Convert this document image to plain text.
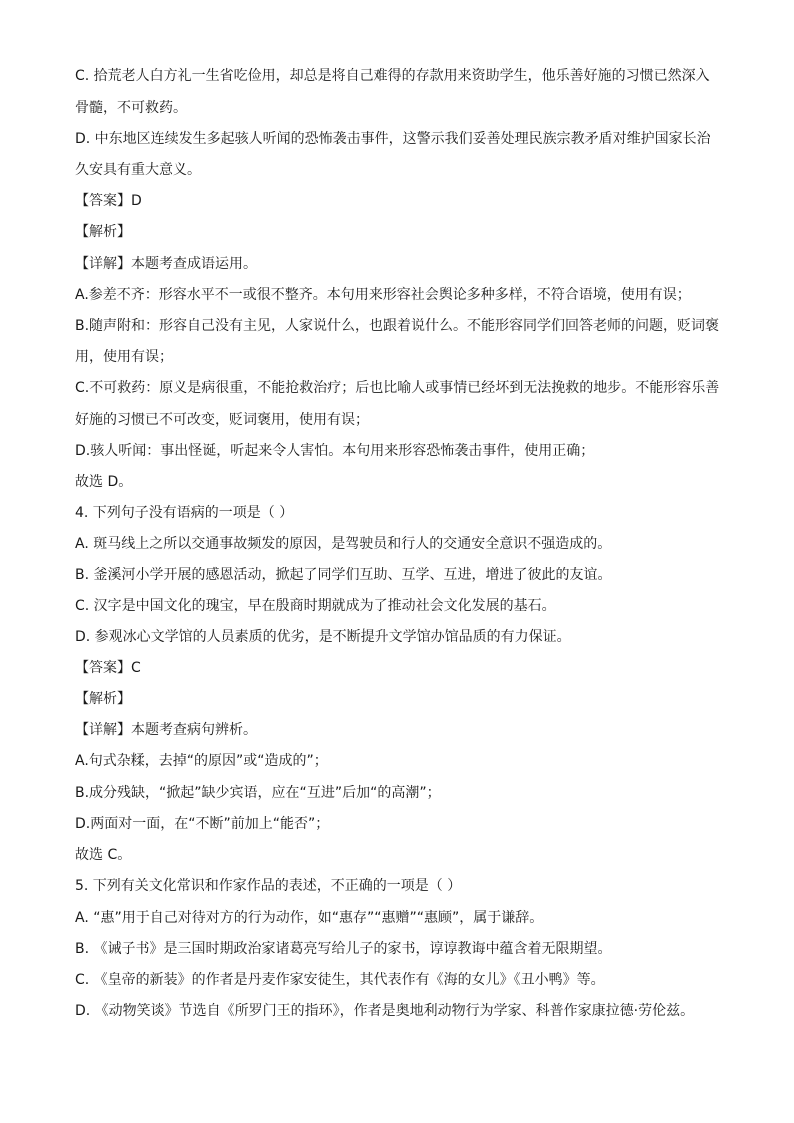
C. 拾荒老人白方礼一生省吃俭用，却总是将自己难得的存款用来资助学生，他乐善好施的习惯已然深入
骨髓，不可救药。
D. 中东地区连续发生多起骇人听闻的恐怖袭击事件，这警示我们妥善处理民族宗教矛盾对维护国家长治
久安具有重大意义。
【答案】D
【解析】
【详解】本题考查成语运用。
A.参差不齐：形容水平不一或很不整齐。本句用来形容社会舆论多种多样，不符合语境，使用有误；
B.随声附和：形容自己没有主见，人家说什么，也跟着说什么。不能形容同学们回答老师的问题，贬词褒
用，使用有误；
C.不可救药：原义是病很重，不能抢救治疗；后也比喻人或事情已经坏到无法挽救的地步。不能形容乐善
好施的习惯已不可改变，贬词褒用，使用有误；
D.骇人听闻：事出怪诞，听起来令人害怕。本句用来形容恐怖袭击事件，使用正确；
故选 D。
4. 下列句子没有语病的一项是（ ）
A. 斑马线上之所以交通事故频发的原因，是驾驶员和行人的交通安全意识不强造成的。
B. 釜溪河小学开展的感恩活动，掀起了同学们互助、互学、互进，增进了彼此的友谊。
C. 汉字是中国文化的瑰宝，早在殷商时期就成为了推动社会文化发展的基石。
D. 参观冰心文学馆的人员素质的优劣，是不断提升文学馆办馆品质的有力保证。
【答案】C
【解析】
【详解】本题考查病句辨析。
A.句式杂糅，去掉“的原因”或“造成的”；
B.成分残缺，“掀起”缺少宾语，应在“互进”后加“的高潮”；
D.两面对一面，在“不断”前加上“能否”；
故选 C。
5. 下列有关文化常识和作家作品的表述，不正确的一项是（ ）
A. “惠”用于自己对待对方的行为动作，如“惠存”“惠赠”“惠顾”，属于谦辞。
B. 《诫子书》是三国时期政治家诸葛亮写给儿子的家书，谆谆教诲中蕴含着无限期望。
C. 《皇帝的新装》的作者是丹麦作家安徒生，其代表作有《海的女儿》《丑小鸭》等。
D. 《动物笑谈》节选自《所罗门王的指环》，作者是奥地利动物行为学家、科普作家康拉德·劳伦兹。
